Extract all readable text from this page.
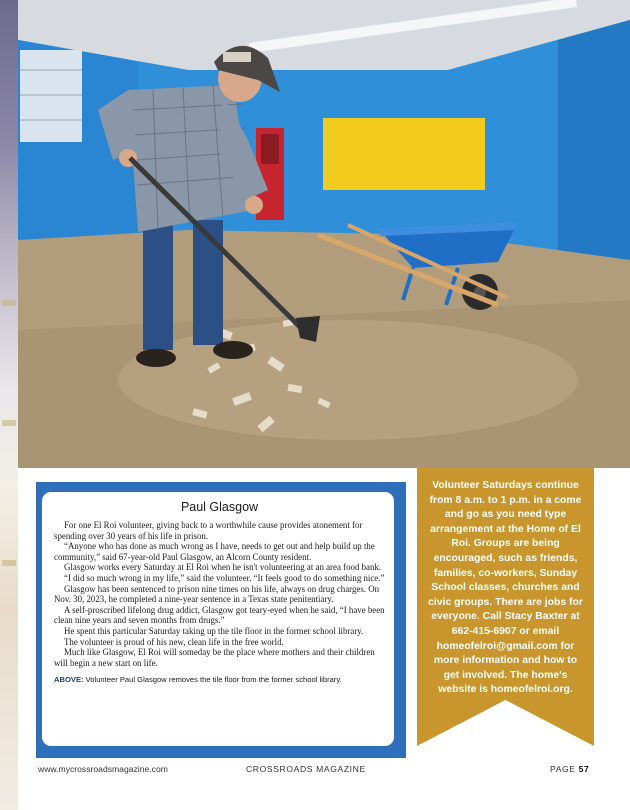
Paul Glasgow

For one El Roi volunteer, giving back to a worthwhile cause provides atonement for spending over 30 years of his life in prison.

“Anyone who has done as much wrong as I have, needs to get out and help build up the community,” said 67-year-old Paul Glasgow, an Alcorn County resident.

Glasgow works every Saturday at El Roi when he isn't volunteering at an area food bank.

“I did so much wrong in my life,” said the volunteer. “It feels good to do something nice.”

Glasgow has been sentenced to prison nine times on his life, always on drug charges. On Nov. 30, 2023, he completed a nine-year sentence in a Texas state penitentiary.

A self-proscribed lifelong drug addict, Glasgow got teary-eyed when he said, “I have been clean nine years and seven months from drugs.”

He spent this particular Saturday taking up the tile floor in the former school library.

The volunteer is proud of his new, clean life in the free world.

Much like Glasgow, El Roi will someday be the place where mothers and their children will begin a new start on life.

ABOVE: Volunteer Paul Glasgow removes the tile floor from the former school library.

Volunteer Saturdays continue from 8 a.m. to 1 p.m. in a come and go as you need type arrangement at the Home of El Roi. Groups are being encouraged, such as friends, families, co-workers, Sunday School classes, churches and civic groups. There are jobs for everyone. Call Stacy Baxter at 662-415-6907 or email homeofelroi@gmail.com for more information and how to get involved. The home's website is homeofelroi.org.
www.mycrossroadsmagazine.com	CROSSROADS MAGAZINE	PAGE 57
